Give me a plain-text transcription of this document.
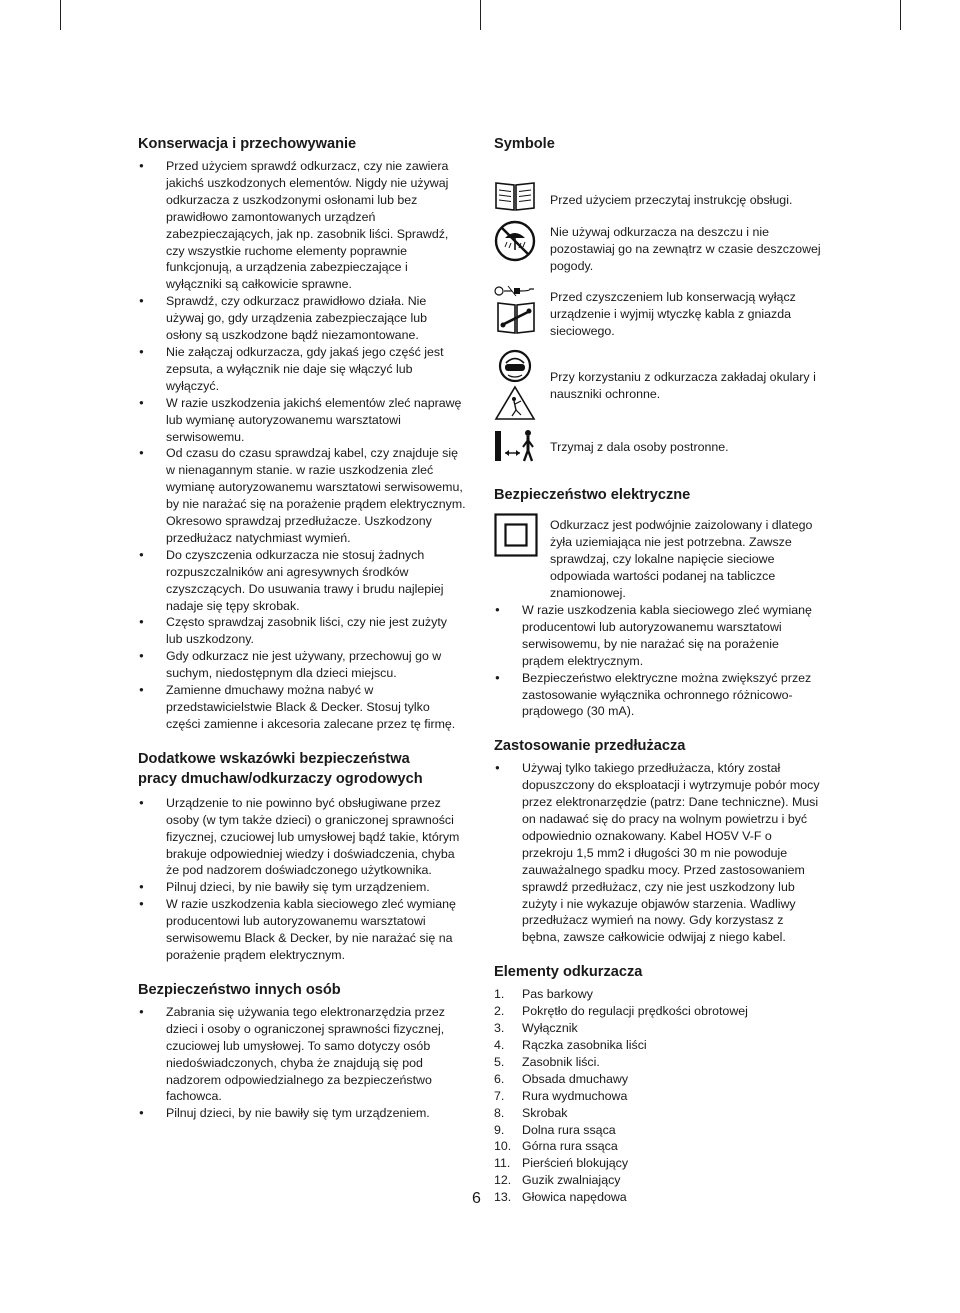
Konserwacja i przechowywanie
● Przed użyciem sprawdź odkurzacz, czy nie zawiera jakichś uszkodzonych elementów. Nigdy nie używaj odkurzacza z uszkodzonymi osłonami lub bez prawidłowo zamontowanych urządzeń zabezpieczających, jak np. zasobnik liści. Sprawdź, czy wszystkie ruchome elementy poprawnie funkcjonują, a urządzenia zabezpieczające i wyłączniki są całkowicie sprawne.
● Sprawdź, czy odkurzacz prawidłowo działa. Nie używaj go, gdy urządzenia zabezpieczające lub osłony są uszkodzone bądź niezamontowane.
● Nie załączaj odkurzacza, gdy jakaś jego część jest zepsuta, a wyłącznik nie daje się włączyć lub wyłączyć.
● W razie uszkodzenia jakichś elementów zleć naprawę lub wymianę autoryzowanemu warsztatowi serwisowemu.
● Od czasu do czasu sprawdzaj kabel, czy znajduje się w nienagannym stanie. w razie uszkodzenia zleć wymianę autoryzowanemu warsztatowi serwisowemu, by nie narażać się na porażenie prądem elektrycznym. Okresowo sprawdzaj przedłużacze. Uszkodzony przedłużacz natychmiast wymień.
● Do czyszczenia odkurzacza nie stosuj żadnych rozpuszczalników ani agresywnych środków czyszczących. Do usuwania trawy i brudu najlepiej nadaje się tępy skrobak.
● Często sprawdzaj zasobnik liści, czy nie jest zużyty lub uszkodzony.
● Gdy odkurzacz nie jest używany, przechowuj go w suchym, niedostępnym dla dzieci miejscu.
● Zamienne dmuchawy można nabyć w przedstawicielstwie Black & Decker. Stosuj tylko części zamienne i akcesoria zalecane przez tę firmę.
Dodatkowe wskazówki bezpieczeństwa
pracy dmuchaw/odkurzaczy ogrodowych
● Urządzenie to nie powinno być obsługiwane przez osoby (w tym także dzieci) o graniczonej sprawności fizycznej, czuciowej lub umysłowej bądź takie, którym brakuje odpowiedniej wiedzy i doświadczenia, chyba że pod nadzorem doświadczonego użytkownika.
● Pilnuj dzieci, by nie bawiły się tym urządzeniem.
● W razie uszkodzenia kabla sieciowego zleć wymianę producentowi lub autoryzowanemu warsztatowi serwisowemu Black & Decker, by nie narażać się na porażenie prądem elektrycznym.
Bezpieczeństwo innych osób
● Zabrania się używania tego elektronarzędzia przez dzieci i osoby o ograniczonej sprawności fizycznej, czuciowej lub umysłowej. To samo dotyczy osób niedoświadczonych, chyba że znajdują się pod nadzorem odpowiedzialnego za bezpieczeństwo fachowca.
● Pilnuj dzieci, by nie bawiły się tym urządzeniem.
Symbole
Przed użyciem przeczytaj instrukcję obsługi.
Nie używaj odkurzacza na deszczu i nie pozostawiaj go na zewnątrz w czasie deszczowej pogody.
Przed czyszczeniem lub konserwacją wyłącz urządzenie i wyjmij wtyczkę kabla z gniazda sieciowego.
Przy korzystaniu z odkurzacza zakładaj okulary i nauszniki ochronne.
Trzymaj z dala osoby postronne.
Bezpieczeństwo elektryczne
Odkurzacz jest podwójnie zaizolowany i dlatego żyła uziemiająca nie jest potrzebna. Zawsze sprawdzaj, czy lokalne napięcie sieciowe odpowiada wartości podanej na tabliczce znamionowej.
● W razie uszkodzenia kabla sieciowego zleć wymianę producentowi lub autoryzowanemu warsztatowi serwisowemu, by nie narażać się na porażenie prądem elektrycznym.
● Bezpieczeństwo elektryczne można zwiększyć przez zastosowanie wyłącznika ochronnego różnicowo-prądowego (30 mA).
Zastosowanie przedłużacza
● Używaj tylko takiego przedłużacza, który został dopuszczony do eksploatacji i wytrzymuje pobór mocy przez elektronarzędzie (patrz: Dane techniczne). Musi on nadawać się do pracy na wolnym powietrzu i być odpowiednio oznakowany. Kabel HO5V V-F o przekroju 1,5 mm2 i długości 30 m nie powoduje zauważalnego spadku mocy. Przed zastosowaniem sprawdź przedłużacz, czy nie jest uszkodzony lub zużyty i nie wykazuje objawów starzenia. Wadliwy przedłużacz wymień na nowy. Gdy korzystasz z bębna, zawsze całkowicie odwijaj z niego kabel.
Elementy odkurzacza
1.	Pas barkowy
2.	Pokrętło do regulacji prędkości obrotowej
3.	Wyłącznik
4.	Rączka zasobnika liści
5.	Zasobnik liści.
6.	Obsada dmuchawy
7.	Rura wydmuchowa
8.	Skrobak
9.	Dolna rura ssąca
10. Górna rura ssąca
11. Pierścień blokujący
12. Guzik zwalniający
13. Głowica napędowa
6
